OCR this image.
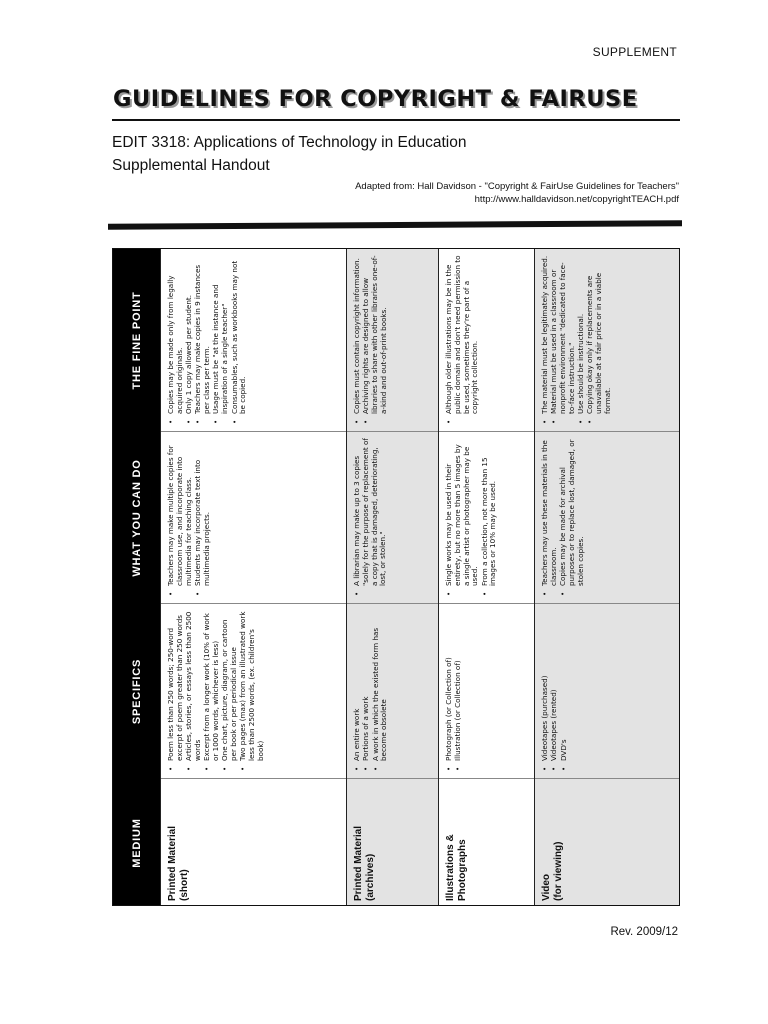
SUPPLEMENT
GUIDELINES FOR COPYRIGHT & FAIRUSE
EDIT 3318: Applications of Technology in Education
Supplemental Handout
Adapted from: Hall Davidson - "Copyright & FairUse Guidelines for Teachers"
http://www.halldavidson.net/copyrightTEACH.pdf
MEDIUM
SPECIFICS
WHAT YOU CAN DO
THE FINE POINT
Printed Material (short)
• Poem less than 250 words; 250-word excerpt of poem greater than 250 words • Articles, stories, or essays less than 2500 words • Excerpt from a longer work (10% of work or 1000 words, whichever is less) • One chart, picture, diagram, or cartoon per book or per periodical issue • Two pages (max) from an illustrated work less than 2500 words, (ex. children's book)
• Teachers may make multiple copies for classroom use, and incorporate into multimedia for teaching class. • Students may incorporate text into multimedia projects.
• Copies may be made only from legally acquired originals. • Only 1 copy allowed per student. • Teachers may make copies in 9 instances per class per term. • Usage must be "at the instance and inspiration of a single teacher" • Consumables, such as workbooks may not be copied.
Printed Material (archives)
• An entire work • Portions of a work • A work in which the existed form has become obsolete
• A librarian may make up to 3 copies "solely for the purpose of replacement of a copy that is damaged, deteriorating, lost, or stolen."
• Copies must contain copyright information. • Archiving rights are designed to allow libraries to share with other libraries one-of-a-kind and out-of-print books.
Illustrations & Photographs
• Photograph (or Collection of) • Illustration (or Collection of)
• Single works may be used in their entirety, but no more than 5 images by a single artist or photographer may be used. • From a collection, not more than 15 images or 10% may be used.
• Although older illustrations may be in the public domain and don't need permission to be used, sometimes they're part of a copyright collection.
Video (for viewing)
• Videotapes (purchased) • Videotapes (rented) • DVD's
• Teachers may use these materials in the classroom. • Copies may be made for archival purposes or to replace lost, damaged, or stolen copies.
• The material must be legitimately acquired. • Material must be used in a classroom or nonprofit environment "dedicated to face-to-face instruction." • Use should be instructional. • Copying okay only if replacements are unavailable at a fair price or in a viable format.
Rev. 2009/12
